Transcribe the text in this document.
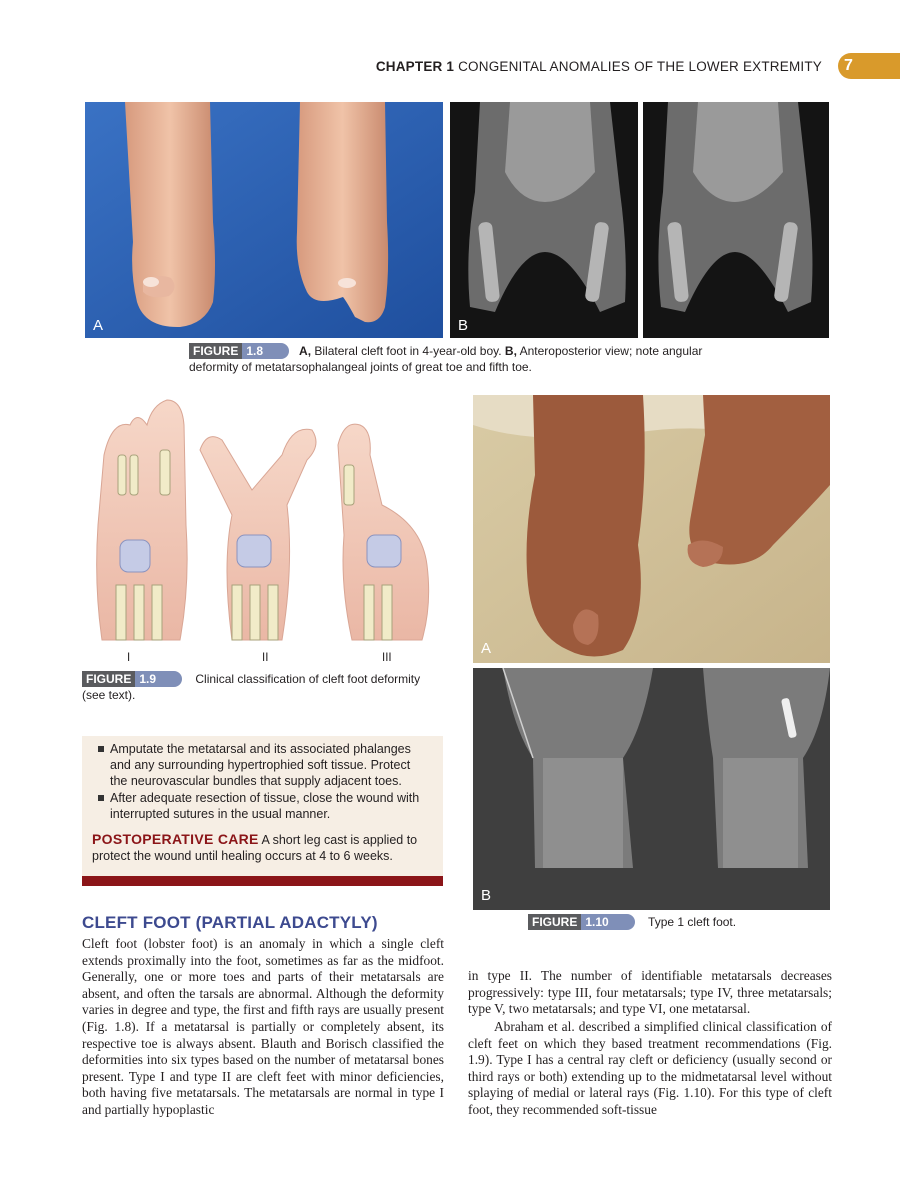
CHAPTER 1 CONGENITAL ANOMALIES OF THE LOWER EXTREMITY	7
A	B
FIGURE 1.8	A, Bilateral cleft foot in 4-year-old boy. B, Anteroposterior view; note angular deformity of metatarsophalangeal joints of great toe and fifth toe.
I	II	III
FIGURE 1.9	Clinical classification of cleft foot deformity (see text).
A
B
FIGURE 1.10	Type 1 cleft foot.
Amputate the metatarsal and its associated phalanges and any surrounding hypertrophied soft tissue. Protect the neurovascular bundles that supply adjacent toes.
After adequate resection of tissue, close the wound with interrupted sutures in the usual manner.
POSTOPERATIVE CARE A short leg cast is applied to protect the wound until healing occurs at 4 to 6 weeks.
CLEFT FOOT (PARTIAL ADACTYLY)
Cleft foot (lobster foot) is an anomaly in which a single cleft extends proximally into the foot, sometimes as far as the midfoot. Generally, one or more toes and parts of their metatarsals are absent, and often the tarsals are abnormal. Although the deformity varies in degree and type, the first and fifth rays are usually present (Fig. 1.8). If a metatarsal is partially or completely absent, its respective toe is always absent. Blauth and Borisch classified the deformities into six types based on the number of metatarsal bones present. Type I and type II are cleft feet with minor deficiencies, both having five metatarsals. The metatarsals are normal in type I and partially hypoplastic
in type II. The number of identifiable metatarsals decreases progressively: type III, four metatarsals; type IV, three metatarsals; type V, two metatarsals; and type VI, one metatarsal.
Abraham et al. described a simplified clinical classification of cleft feet on which they based treatment recommendations (Fig. 1.9). Type I has a central ray cleft or deficiency (usually second or third rays or both) extending up to the midmetatarsal level without splaying of medial or lateral rays (Fig. 1.10). For this type of cleft foot, they recommended soft-tissue
